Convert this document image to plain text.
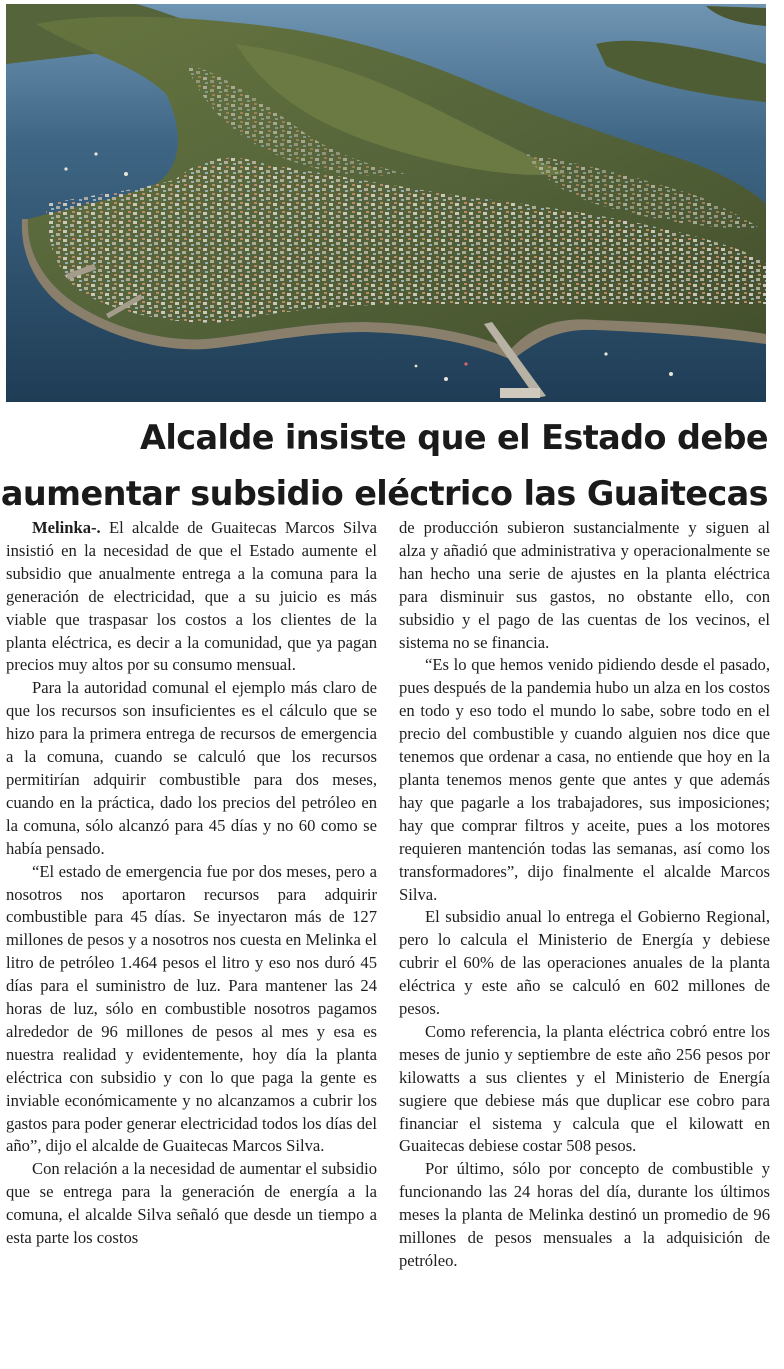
Alcalde insiste que el Estado debe
aumentar subsidio eléctrico las Guaitecas

Melinka-. El alcalde de Guaitecas Marcos Silva insistió en la necesidad de que el Estado aumente el subsidio que anualmente entrega a la comuna para la generación de electricidad, que a su juicio es más viable que traspasar los costos a los clientes de la planta eléctrica, es decir a la comunidad, que ya pagan precios muy altos por su consumo mensual.

Para la autoridad comunal el ejemplo más claro de que los recursos son insuficientes es el cálculo que se hizo para la primera entrega de recursos de emergencia a la comuna, cuando se calculó que los recursos permitirían adquirir combustible para dos meses, cuando en la práctica, dado los precios del petróleo en la comuna, sólo alcanzó para 45 días y no 60 como se había pensado.

“El estado de emergencia fue por dos meses, pero a nosotros nos aportaron recursos para adquirir combustible para 45 días. Se inyectaron más de 127 millones de pesos y a nosotros nos cuesta en Melinka el litro de petróleo 1.464 pesos el litro y eso nos duró 45 días para el suministro de luz. Para mantener las 24 horas de luz, sólo en combustible nosotros pagamos alrededor de 96 millones de pesos al mes y esa es nuestra realidad y evidentemente, hoy día la planta eléctrica con subsidio y con lo que paga la gente es inviable económicamente y no alcanzamos a cubrir los gastos para poder generar electricidad todos los días del año”, dijo el alcalde de Guaitecas Marcos Silva.

Con relación a la necesidad de aumentar el subsidio que se entrega para la generación de energía a la comuna, el alcalde Silva señaló que desde un tiempo a esta parte los costos

de producción subieron sustancialmente y siguen al alza y añadió que administrativa y operacionalmente se han hecho una serie de ajustes en la planta eléctrica para disminuir sus gastos, no obstante ello, con subsidio y el pago de las cuentas de los vecinos, el sistema no se financia.

“Es lo que hemos venido pidiendo desde el pasado, pues después de la pandemia hubo un alza en los costos en todo y eso todo el mundo lo sabe, sobre todo en el precio del combustible y cuando alguien nos dice que tenemos que ordenar a casa, no entiende que hoy en la planta tenemos menos gente que antes y que además hay que pagarle a los trabajadores, sus imposiciones; hay que comprar filtros y aceite, pues a los motores requieren mantención todas las semanas, así como los transformadores”, dijo finalmente el alcalde Marcos Silva.

El subsidio anual lo entrega el Gobierno Regional, pero lo calcula el Ministerio de Energía y debiese cubrir el 60% de las operaciones anuales de la planta eléctrica y este año se calculó en 602 millones de pesos.

Como referencia, la planta eléctrica cobró entre los meses de junio y septiembre de este año 256 pesos por kilowatts a sus clientes y el Ministerio de Energía sugiere que debiese más que duplicar ese cobro para financiar el sistema y calcula que el kilowatt en Guaitecas debiese costar 508 pesos.

Por último, sólo por concepto de combustible y funcionando las 24 horas del día, durante los últimos meses la planta de Melinka destinó un promedio de 96 millones de pesos mensuales a la adquisición de petróleo.
